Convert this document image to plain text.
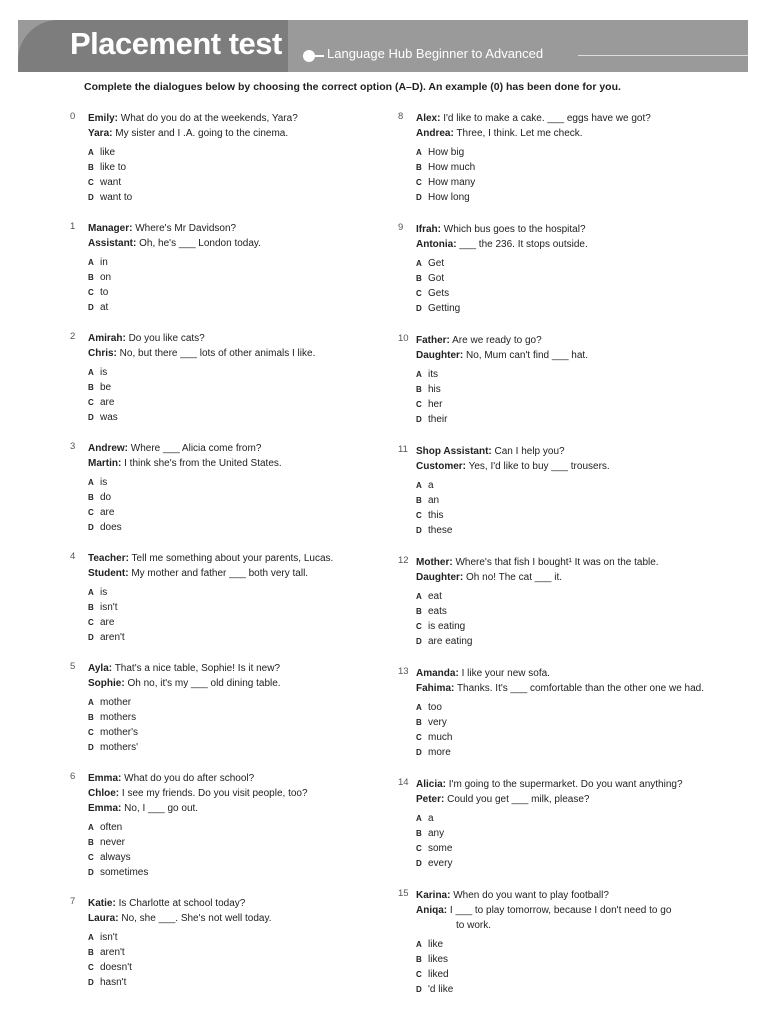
Placement test	Language Hub Beginner to Advanced
Complete the dialogues below by choosing the correct option (A–D). An example (0) has been done for you.
0 Emily: What do you do at the weekends, Yara?
Yara: My sister and I .A. going to the cinema.
A like
B like to
C want
D want to
1 Manager: Where's Mr Davidson?
Assistant: Oh, he's ___ London today.
A in
B on
C to
D at
2 Amirah: Do you like cats?
Chris: No, but there ___ lots of other animals I like.
A is
B be
C are
D was
3 Andrew: Where ___ Alicia come from?
Martin: I think she's from the United States.
A is
B do
C are
D does
4 Teacher: Tell me something about your parents, Lucas.
Student: My mother and father ___ both very tall.
A is
B isn't
C are
D aren't
5 Ayla: That's a nice table, Sophie! Is it new?
Sophie: Oh no, it's my ___ old dining table.
A mother
B mothers
C mother's
D mothers'
6 Emma: What do you do after school?
Chloe: I see my friends. Do you visit people, too?
Emma: No, I ___ go out.
A often
B never
C always
D sometimes
7 Katie: Is Charlotte at school today?
Laura: No, she ___. She's not well today.
A isn't
B aren't
C doesn't
D hasn't
8 Alex: I'd like to make a cake. ___ eggs have we got?
Andrea: Three, I think. Let me check.
A How big
B How much
C How many
D How long
9 Ifrah: Which bus goes to the hospital?
Antonia: ___ the 236. It stops outside.
A Get
B Got
C Gets
D Getting
10 Father: Are we ready to go?
Daughter: No, Mum can't find ___ hat.
A its
B his
C her
D their
11 Shop Assistant: Can I help you?
Customer: Yes, I'd like to buy ___ trousers.
A a
B an
C this
D these
12 Mother: Where's that fish I bought¹ It was on the table.
Daughter: Oh no! The cat ___ it.
A eat
B eats
C is eating
D are eating
13 Amanda: I like your new sofa.
Fahima: Thanks. It's ___ comfortable than the other one we had.
A too
B very
C much
D more
14 Alicia: I'm going to the supermarket. Do you want anything?
Peter: Could you get ___ milk, please?
A a
B any
C some
D every
15 Karina: When do you want to play football?
Aniqa: I ___ to play tomorrow, because I don't need to go
to work.
A like
B likes
C liked
D 'd like
